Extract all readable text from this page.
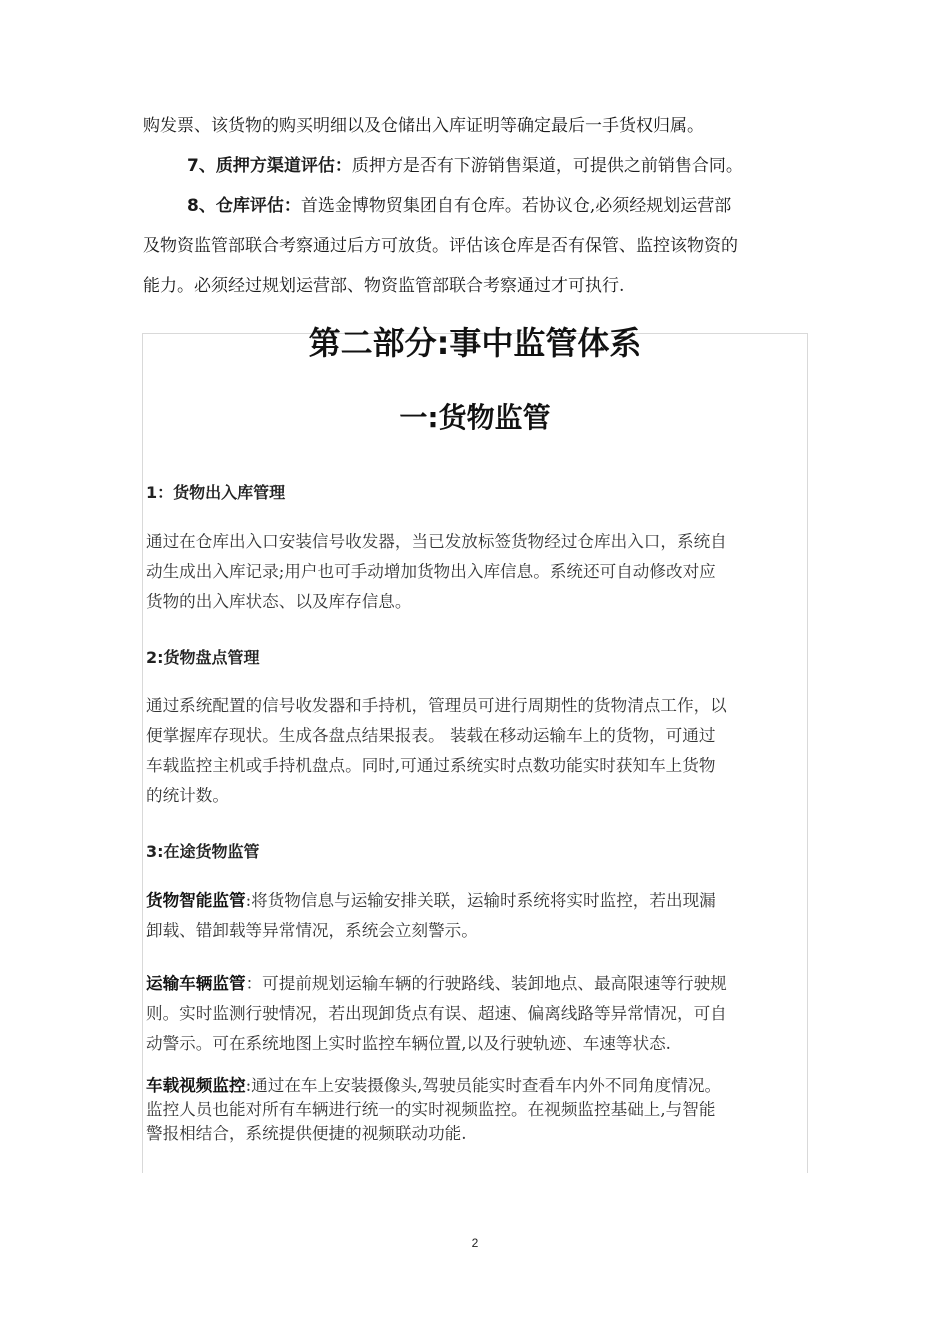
购发票、该货物的购买明细以及仓储出入库证明等确定最后一手货权归属。

7、质押方渠道评估：质押方是否有下游销售渠道，可提供之前销售合同。

8、仓库评估：首选金博物贸集团自有仓库。若协议仓,必须经规划运营部

及物资监管部联合考察通过后方可放货。评估该仓库是否有保管、监控该物资的

能力。必须经过规划运营部、物资监管部联合考察通过才可执行.

第二部分:事中监管体系
一:货物监管
1：货物出入库管理
通过在仓库出入口安装信号收发器，当已发放标签货物经过仓库出入口，系统自
动生成出入库记录;用户也可手动增加货物出入库信息。系统还可自动修改对应
货物的出入库状态、以及库存信息。
2:货物盘点管理
通过系统配置的信号收发器和手持机，管理员可进行周期性的货物清点工作，以
便掌握库存现状。生成各盘点结果报表。 装载在移动运输车上的货物，可通过
车载监控主机或手持机盘点。同时,可通过系统实时点数功能实时获知车上货物
的统计数。
3:在途货物监管
货物智能监管:将货物信息与运输安排关联，运输时系统将实时监控，若出现漏
卸载、错卸载等异常情况，系统会立刻警示。
运输车辆监管：可提前规划运输车辆的行驶路线、装卸地点、最高限速等行驶规
则。实时监测行驶情况，若出现卸货点有误、超速、偏离线路等异常情况，可自
动警示。可在系统地图上实时监控车辆位置,以及行驶轨迹、车速等状态.
车载视频监控:通过在车上安装摄像头,驾驶员能实时查看车内外不同角度情况。
监控人员也能对所有车辆进行统一的实时视频监控。在视频监控基础上,与智能
警报相结合，系统提供便捷的视频联动功能.
2
